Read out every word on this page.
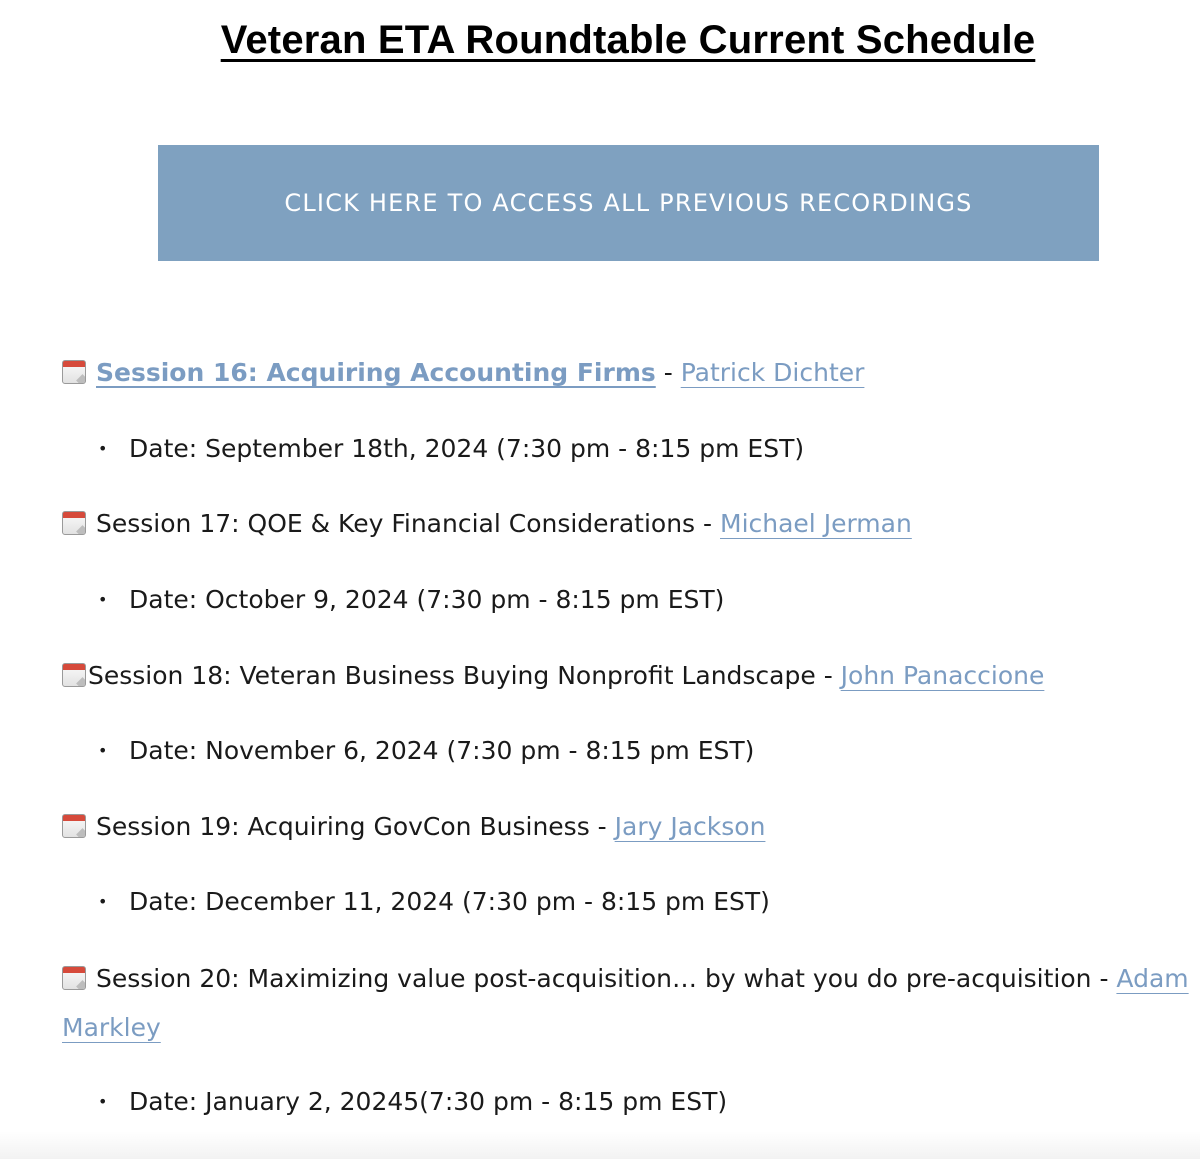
Veteran ETA Roundtable Current Schedule
CLICK HERE TO ACCESS ALL PREVIOUS RECORDINGS
Session 16: Acquiring Accounting Firms - Patrick Dichter
• Date: September 18th, 2024 (7:30 pm - 8:15 pm EST)
Session 17: QOE & Key Financial Considerations - Michael Jerman
• Date: October 9, 2024 (7:30 pm - 8:15 pm EST)
Session 18: Veteran Business Buying Nonprofit Landscape - John Panaccione
• Date: November 6, 2024 (7:30 pm - 8:15 pm EST)
Session 19: Acquiring GovCon Business - Jary Jackson
• Date: December 11, 2024 (7:30 pm - 8:15 pm EST)
Session 20: Maximizing value post-acquisition… by what you do pre-acquisition - Adam Markley
• Date: January 2, 20245(7:30 pm - 8:15 pm EST)
